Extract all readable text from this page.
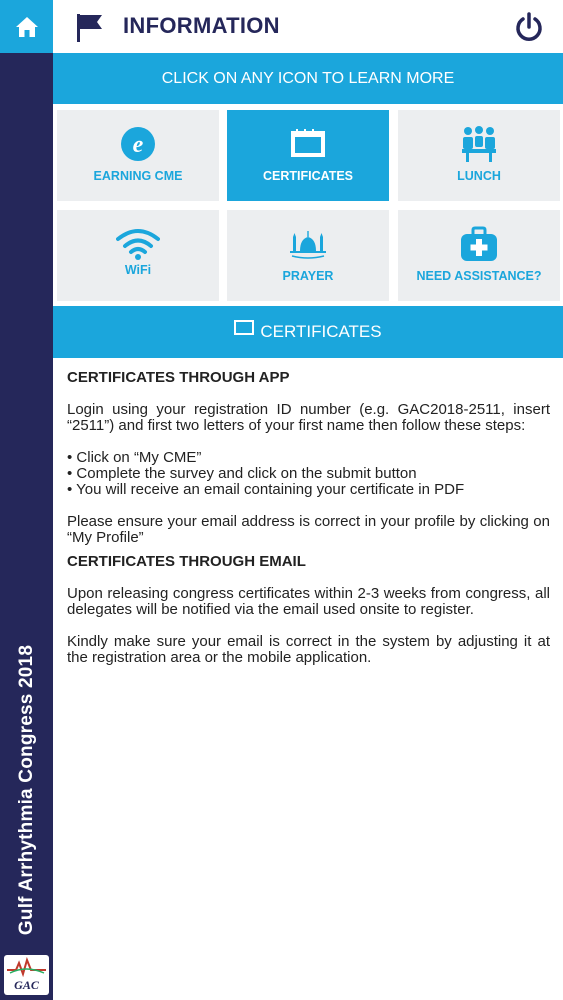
Gulf Arrhythmia Congress 2018
GAC
INFORMATION
CLICK ON ANY ICON TO LEARN MORE
e
EARNING CME	CERTIFICATES	LUNCH
WiFi	PRAYER	NEED ASSISTANCE?
CERTIFICATES
CERTIFICATES THROUGH APP

Login using your registration ID number (e.g. GAC2018-2511, insert “2511”) and first two letters of your first name then follow these steps:

• Click on “My CME”
• Complete the survey and click on the submit button
• You will receive an email containing your certificate in PDF

Please ensure your email address is correct in your profile by clicking on “My Profile”

CERTIFICATES THROUGH EMAIL

Upon releasing congress certificates within 2-3 weeks from congress, all delegates will be notified via the email used onsite to register.

Kindly make sure your email is correct in the system by adjusting it at the registration area or the mobile application.
